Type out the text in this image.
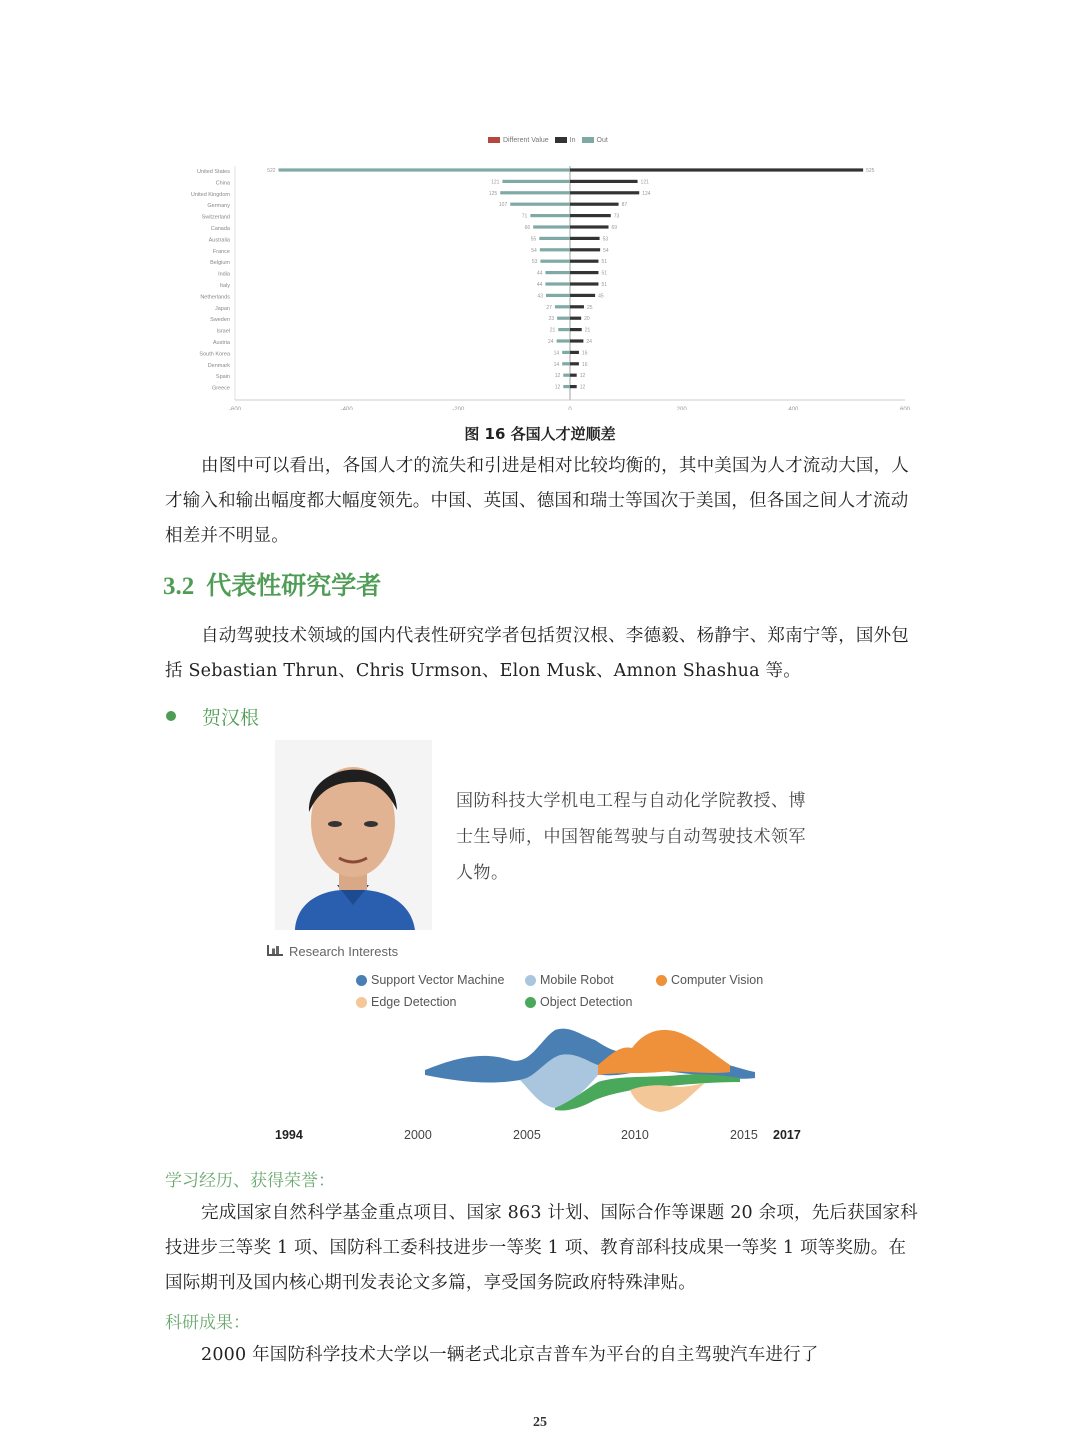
Different Value	In	Out
-600	-400	-200	0	200	400	600
United States	522	525
China	121	121
United Kingdom	125	124
Germany	107	87
Switzerland	71	73
Canada	66	69
Australia	55	53
France	54	54
Belgium	53	51
India	44	51
Italy	44	51
Netherlands	43	45
Japan	27	25
Sweden	23	20
Israel	21	21
Austria	24	24
South Korea	14	16
Denmark	14	16
Spain	12	12
Greece	12	12
图 16 各国人才逆顺差
由图中可以看出，各国人才的流失和引进是相对比较均衡的，其中美国为人才流动大国，人才输入和输出幅度都大幅度领先。中国、英国、德国和瑞士等国次于美国，但各国之间人才流动相差并不明显。
3.2 代表性研究学者
自动驾驶技术领域的国内代表性研究学者包括贺汉根、李德毅、杨静宇、郑南宁等，国外包括 Sebastian Thrun、Chris Urmson、Elon Musk、Amnon Shashua 等。
贺汉根
国防科技大学机电工程与自动化学院教授、博士生导师，中国智能驾驶与自动驾驶技术领军人物。
Research Interests
Support Vector Machine	Mobile Robot	Computer Vision
Edge Detection	Object Detection
1994	2000	2005	2010	2015 2017
学习经历、获得荣誉：
完成国家自然科学基金重点项目、国家 863 计划、国际合作等课题 20 余项，先后获国家科技进步三等奖 1 项、国防科工委科技进步一等奖 1 项、教育部科技成果一等奖 1 项等奖励。在国际期刊及国内核心期刊发表论文多篇，享受国务院政府特殊津贴。
科研成果：
2000 年国防科学技术大学以一辆老式北京吉普车为平台的自主驾驶汽车进行了
25
